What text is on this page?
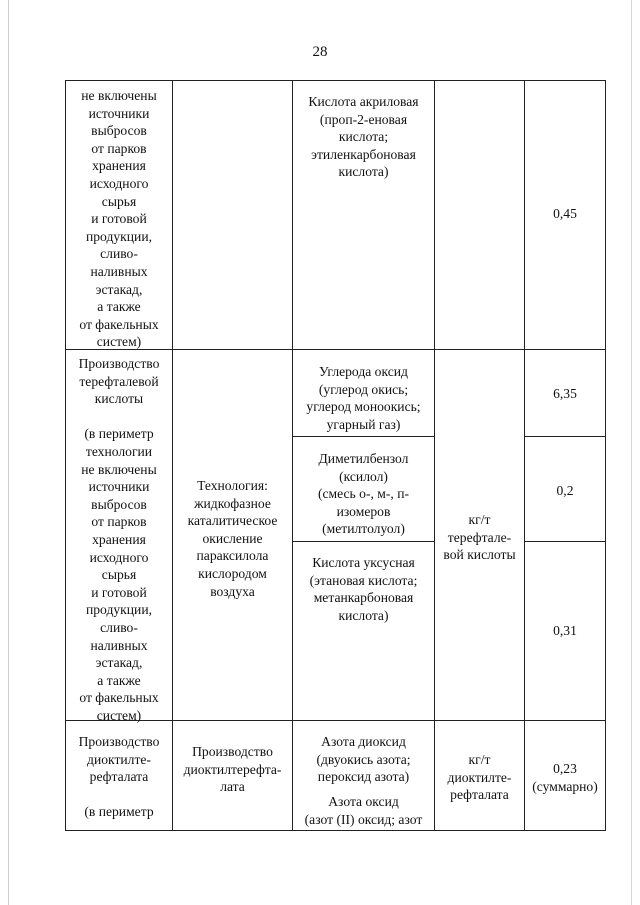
28
не включены
источники
выбросов
от парков
хранения
исходного
сырья
и готовой
продукции,
сливо-
наливных
эстакад,
а также
от факельных
систем)
Кислота акриловая
(проп-2-еновая
кислота;
этиленкарбоновая
кислота)
0,45
Производство
терефталевой
кислоты

(в периметр
технологии
не включены
источники
выбросов
от парков
хранения
исходного
сырья
и готовой
продукции,
сливо-
наливных
эстакад,
а также
от факельных
систем)
Технология:
жидкофазное
каталитическое
окисление
параксилола
кислородом
воздуха
Углерода оксид
(углерод окись;
углерод моноокись;
угарный газ)
6,35
Диметилбензол
(ксилол)
(смесь о-, м-, п-
изомеров
(метилтолуол)
0,2
Кислота уксусная
(этановая кислота;
метанкарбоновая
кислота)
0,31
кг/т
терефтале-
вой кислоты
Производство
диоктилте-
рефталата

(в периметр
Производство
диоктилтерефта-
лата
Азота диоксид
(двуокись азота;
пероксид азота)
Азота оксид
(азот (II) оксид; азот
кг/т
диоктилте-
рефталата
0,23
(суммарно)
